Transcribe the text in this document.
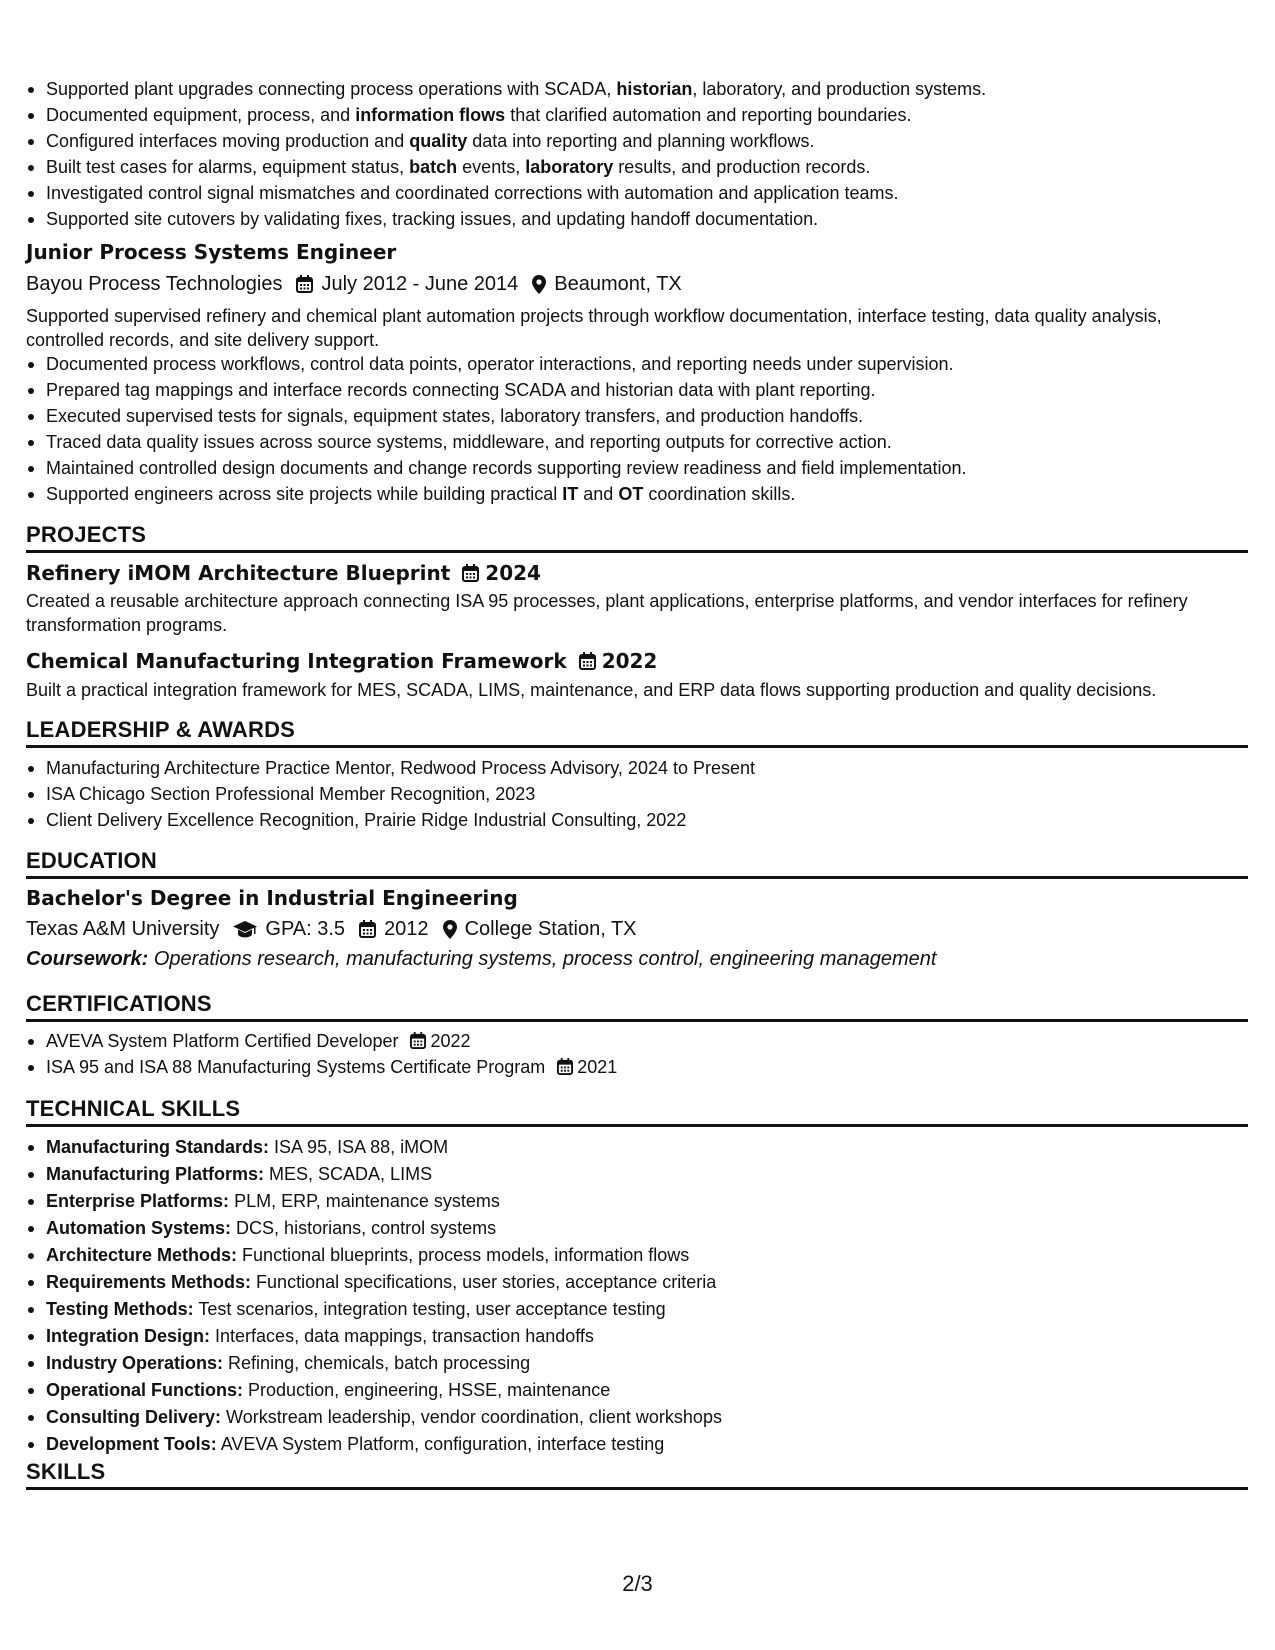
Supported plant upgrades connecting process operations with SCADA, historian, laboratory, and production systems.
Documented equipment, process, and information flows that clarified automation and reporting boundaries.
Configured interfaces moving production and quality data into reporting and planning workflows.
Built test cases for alarms, equipment status, batch events, laboratory results, and production records.
Investigated control signal mismatches and coordinated corrections with automation and application teams.
Supported site cutovers by validating fixes, tracking issues, and updating handoff documentation.
Junior Process Systems Engineer
Bayou Process Technologies July 2012 - June 2014 Beaumont, TX
Supported supervised refinery and chemical plant automation projects through workflow documentation, interface testing, data quality analysis, controlled records, and site delivery support.
Documented process workflows, control data points, operator interactions, and reporting needs under supervision.
Prepared tag mappings and interface records connecting SCADA and historian data with plant reporting.
Executed supervised tests for signals, equipment states, laboratory transfers, and production handoffs.
Traced data quality issues across source systems, middleware, and reporting outputs for corrective action.
Maintained controlled design documents and change records supporting review readiness and field implementation.
Supported engineers across site projects while building practical IT and OT coordination skills.
PROJECTS
Refinery iMOM Architecture Blueprint 2024
Created a reusable architecture approach connecting ISA 95 processes, plant applications, enterprise platforms, and vendor interfaces for refinery transformation programs.
Chemical Manufacturing Integration Framework 2022
Built a practical integration framework for MES, SCADA, LIMS, maintenance, and ERP data flows supporting production and quality decisions.
LEADERSHIP & AWARDS
Manufacturing Architecture Practice Mentor, Redwood Process Advisory, 2024 to Present
ISA Chicago Section Professional Member Recognition, 2023
Client Delivery Excellence Recognition, Prairie Ridge Industrial Consulting, 2022
EDUCATION
Bachelor's Degree in Industrial Engineering
Texas A&M University GPA: 3.5 2012 College Station, TX
Coursework: Operations research, manufacturing systems, process control, engineering management
CERTIFICATIONS
AVEVA System Platform Certified Developer 2022
ISA 95 and ISA 88 Manufacturing Systems Certificate Program 2021
TECHNICAL SKILLS
Manufacturing Standards: ISA 95, ISA 88, iMOM
Manufacturing Platforms: MES, SCADA, LIMS
Enterprise Platforms: PLM, ERP, maintenance systems
Automation Systems: DCS, historians, control systems
Architecture Methods: Functional blueprints, process models, information flows
Requirements Methods: Functional specifications, user stories, acceptance criteria
Testing Methods: Test scenarios, integration testing, user acceptance testing
Integration Design: Interfaces, data mappings, transaction handoffs
Industry Operations: Refining, chemicals, batch processing
Operational Functions: Production, engineering, HSSE, maintenance
Consulting Delivery: Workstream leadership, vendor coordination, client workshops
Development Tools: AVEVA System Platform, configuration, interface testing
SKILLS
2/3
